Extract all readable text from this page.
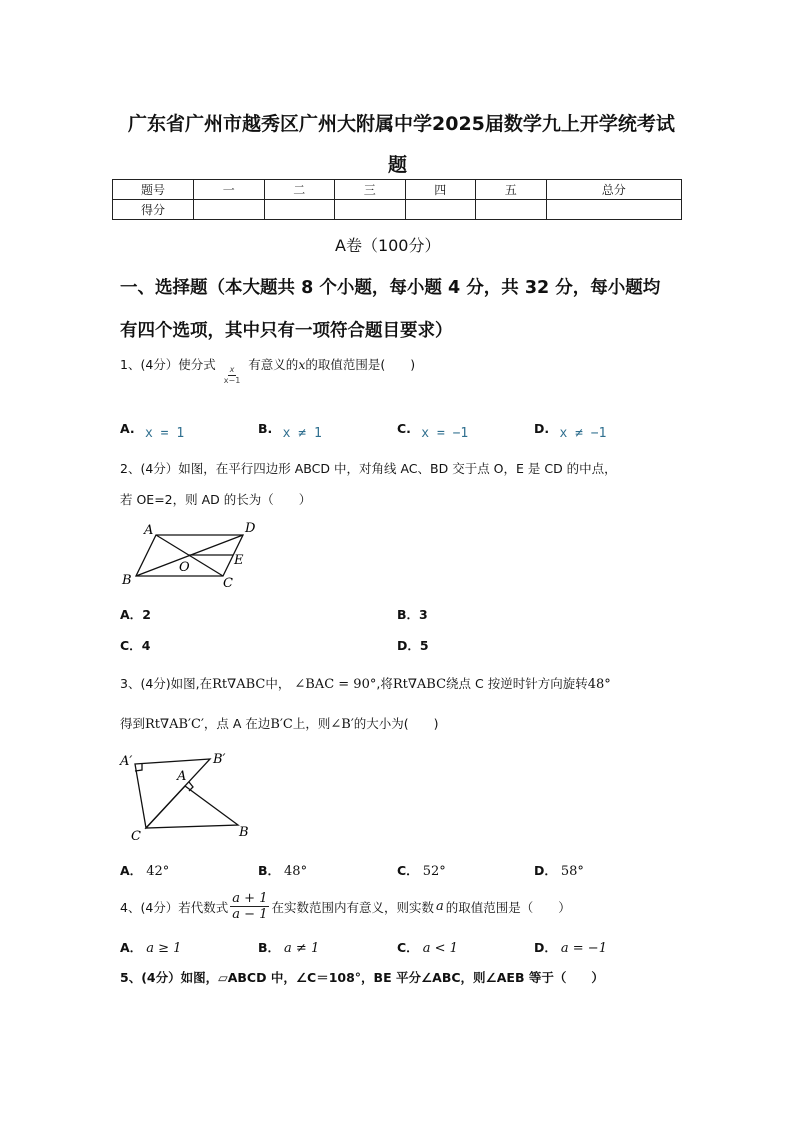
广东省广州市越秀区广州大附属中学2025届数学九上开学统考试
题
题号	一	二	三	四	五	总分
得分						
A卷（100分）
一、选择题（本大题共 8 个小题，每小题 4 分，共 32 分，每小题均
有四个选项，其中只有一项符合题目要求）
1、(4分）使分式
$\frac{x}{x-1}$
有意义的x的取值范围是(　　)
A. x = 1	B. x ≠ 1	C. x = −1	D. x ≠ −1
2、(4分）如图，在平行四边形 ABCD 中，对角线 AC、BD 交于点 O，E 是 CD 的中点，
若 OE=2，则 AD 的长为（　　）
A	D
E
O
B	C
A．2	B．3
C．4	D．5
3、(4分)如图,在Rt∇ABC中， ∠BAC = 90°,将Rt∇ABC绕点 C 按逆时针方向旋转48°
得到Rt∇AB′C′，点 A 在边B′C上，则∠B′的大小为(　　)
A′	B′
A
C	B
A． 42°	B． 48°	C． 52°	D． 58°
4、(4分）若代数式 $\frac{a + 1}{a - 1}$ 在实数范围内有意义，则实数 a 的取值范围是（　　）
A． a ≥ 1	B． a ≠ 1	C． a < 1	D． a = −1
5、(4分）如图，▱ABCD 中，∠C＝108°，BE 平分∠ABC，则∠AEB 等于（　　）
